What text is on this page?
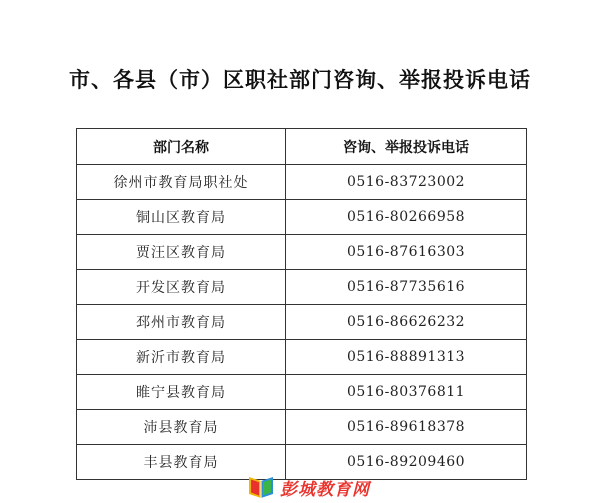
市、各县（市）区职社部门咨询、举报投诉电话
部门名称	咨询、举报投诉电话
徐州市教育局职社处	0516-83723002
铜山区教育局	0516-80266958
贾汪区教育局	0516-87616303
开发区教育局	0516-87735616
邳州市教育局	0516-86626232
新沂市教育局	0516-88891313
睢宁县教育局	0516-80376811
沛县教育局	0516-89618378
丰县教育局	0516-89209460
彭城教育网
